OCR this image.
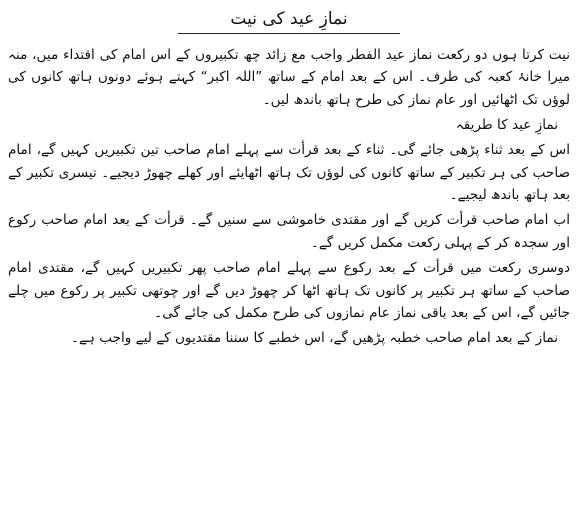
نمازِ عید کی نیت

نیت کرتا ہوں دو رکعت نماز عید الفطر واجب مع زائد چھ تکبیروں کے اس امام کی اقتداء میں، منہ میرا خانۂ کعبہ کی طرف۔ اس کے بعد امام کے ساتھ ”اللہ اکبر“ کہتے ہوئے دونوں ہاتھ کانوں کی لوؤں تک اٹھائیں اور عام نماز کی طرح ہاتھ باندھ لیں۔

نمازِ عید کا طریقہ

اس کے بعد ثناء پڑھی جائے گی۔ ثناء کے بعد قرأت سے پہلے امام صاحب تین تکبیریں کہیں گے، امام صاحب کی ہر تکبیر کے ساتھ کانوں کی لوؤں تک ہاتھ اٹھایئے اور کھلے چھوڑ دیجیے۔ تیسری تکبیر کے بعد ہاتھ باندھ لیجیے۔

اب امام صاحب قرأت کریں گے اور مقتدی خاموشی سے سنیں گے۔ قرأت کے بعد امام صاحب رکوع اور سجدہ کر کے پہلی رکعت مکمل کریں گے۔

دوسری رکعت میں قرأت کے بعد رکوع سے پہلے امام صاحب پھر تکبیریں کہیں گے، مقتدی امام صاحب کے ساتھ ہر تکبیر پر کانوں تک ہاتھ اٹھا کر چھوڑ دیں گے اور چوتھی تکبیر پر رکوع میں چلے جائیں گے، اس کے بعد باقی نماز عام نمازوں کی طرح مکمل کی جائے گی۔

نماز کے بعد امام صاحب خطبہ پڑھیں گے، اس خطبے کا سننا مقتدیوں کے لیے واجب ہے۔
